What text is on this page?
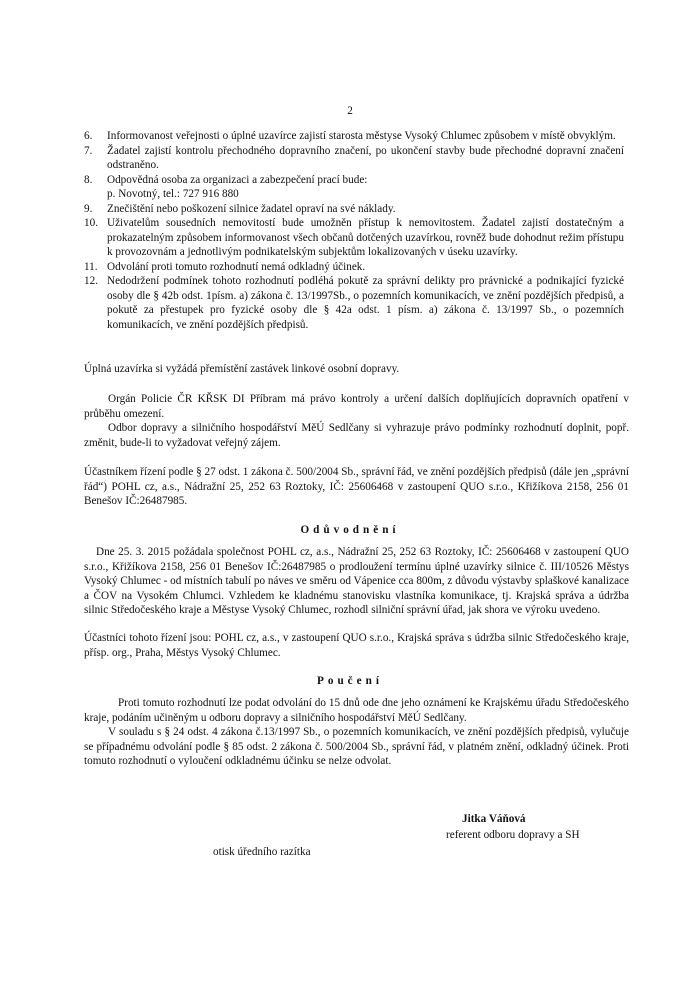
2
6. Informovanost veřejnosti o úplné uzavírce zajistí starosta městyse Vysoký Chlumec způsobem v místě obvyklým.
7. Žadatel zajistí kontrolu přechodného dopravního značení, po ukončení stavby bude přechodné dopravní značení odstraněno.
8. Odpovědná osoba za organizaci a zabezpečení prací bude:
p. Novotný, tel.: 727 916 880
9. Znečištění nebo poškození silnice žadatel opraví na své náklady.
10. Uživatelům sousedních nemovitostí bude umožněn přístup k nemovitostem. Žadatel zajistí dostatečným a prokazatelným způsobem informovanost všech občanů dotčených uzavírkou, rovněž bude dohodnut režim přístupu k provozovnám a jednotlivým podnikatelským subjektům lokalizovaných v úseku uzavírky.
11. Odvolání proti tomuto rozhodnutí nemá odkladný účinek.
12. Nedodržení podmínek tohoto rozhodnutí podléhá pokutě za správní delikty pro právnické a podnikající fyzické osoby dle § 42b odst. 1písm. a) zákona č. 13/1997Sb., o pozemních komunikacích, ve znění pozdějších předpisů, a pokutě za přestupek pro fyzické osoby dle § 42a odst. 1 písm. a) zákona č. 13/1997 Sb., o pozemních komunikacích, ve znění pozdějších předpisů.

Úplná uzavírka si vyžádá přemístění zastávek linkové osobní dopravy.

Orgán Policie ČR KŘSK DI Příbram má právo kontroly a určení dalších doplňujících dopravních opatření v průběhu omezení.

Odbor dopravy a silničního hospodářství MěÚ Sedlčany si vyhrazuje právo podmínky rozhodnutí doplnit, popř. změnit, bude-li to vyžadovat veřejný zájem.

Účastníkem řízení podle § 27 odst. 1 zákona č. 500/2004 Sb., správní řád, ve znění pozdějších předpisů (dále jen „správní řád“) POHL cz, a.s., Nádražní 25, 252 63 Roztoky, IČ: 25606468 v zastoupení QUO s.r.o., Křižíkova 2158, 256 01 Benešov IČ:26487985.

Odůvodnění

Dne 25. 3. 2015 požádala společnost POHL cz, a.s., Nádražní 25, 252 63 Roztoky, IČ: 25606468 v zastoupení QUO s.r.o., Křižíkova 2158, 256 01 Benešov IČ:26487985 o prodloužení termínu úplné uzavírky silnice č. III/10526 Městys Vysoký Chlumec - od místních tabulí po náves ve směru od Vápenice cca 800m, z důvodu výstavby splaškové kanalizace a ČOV na Vysokém Chlumci. Vzhledem ke kladnému stanovisku vlastníka komunikace, tj. Krajská správa a údržba silnic Středočeského kraje a Městyse Vysoký Chlumec, rozhodl silniční správní úřad, jak shora ve výroku uvedeno.

Účastníci tohoto řízení jsou: POHL cz, a.s., v zastoupení QUO s.r.o., Krajská správa s údržba silnic Středočeského kraje, přísp. org., Praha, Městys Vysoký Chlumec.

Poučení

Proti tomuto rozhodnutí lze podat odvolání do 15 dnů ode dne jeho oznámení ke Krajskému úřadu Středočeského kraje, podáním učiněným u odboru dopravy a silničního hospodářství MěÚ Sedlčany.

V souladu s § 24 odst. 4 zákona č.13/1997 Sb., o pozemních komunikacích, ve znění pozdějších předpisů, vylučuje se případnému odvolání podle § 85 odst. 2 zákona č. 500/2004 Sb., správní řád, v platném znění, odkladný účinek. Proti tomuto rozhodnutí o vyloučení odkladnému účinku se nelze odvolat.

Jitka Váňová
referent odboru dopravy a SH
otisk úředního razítka
